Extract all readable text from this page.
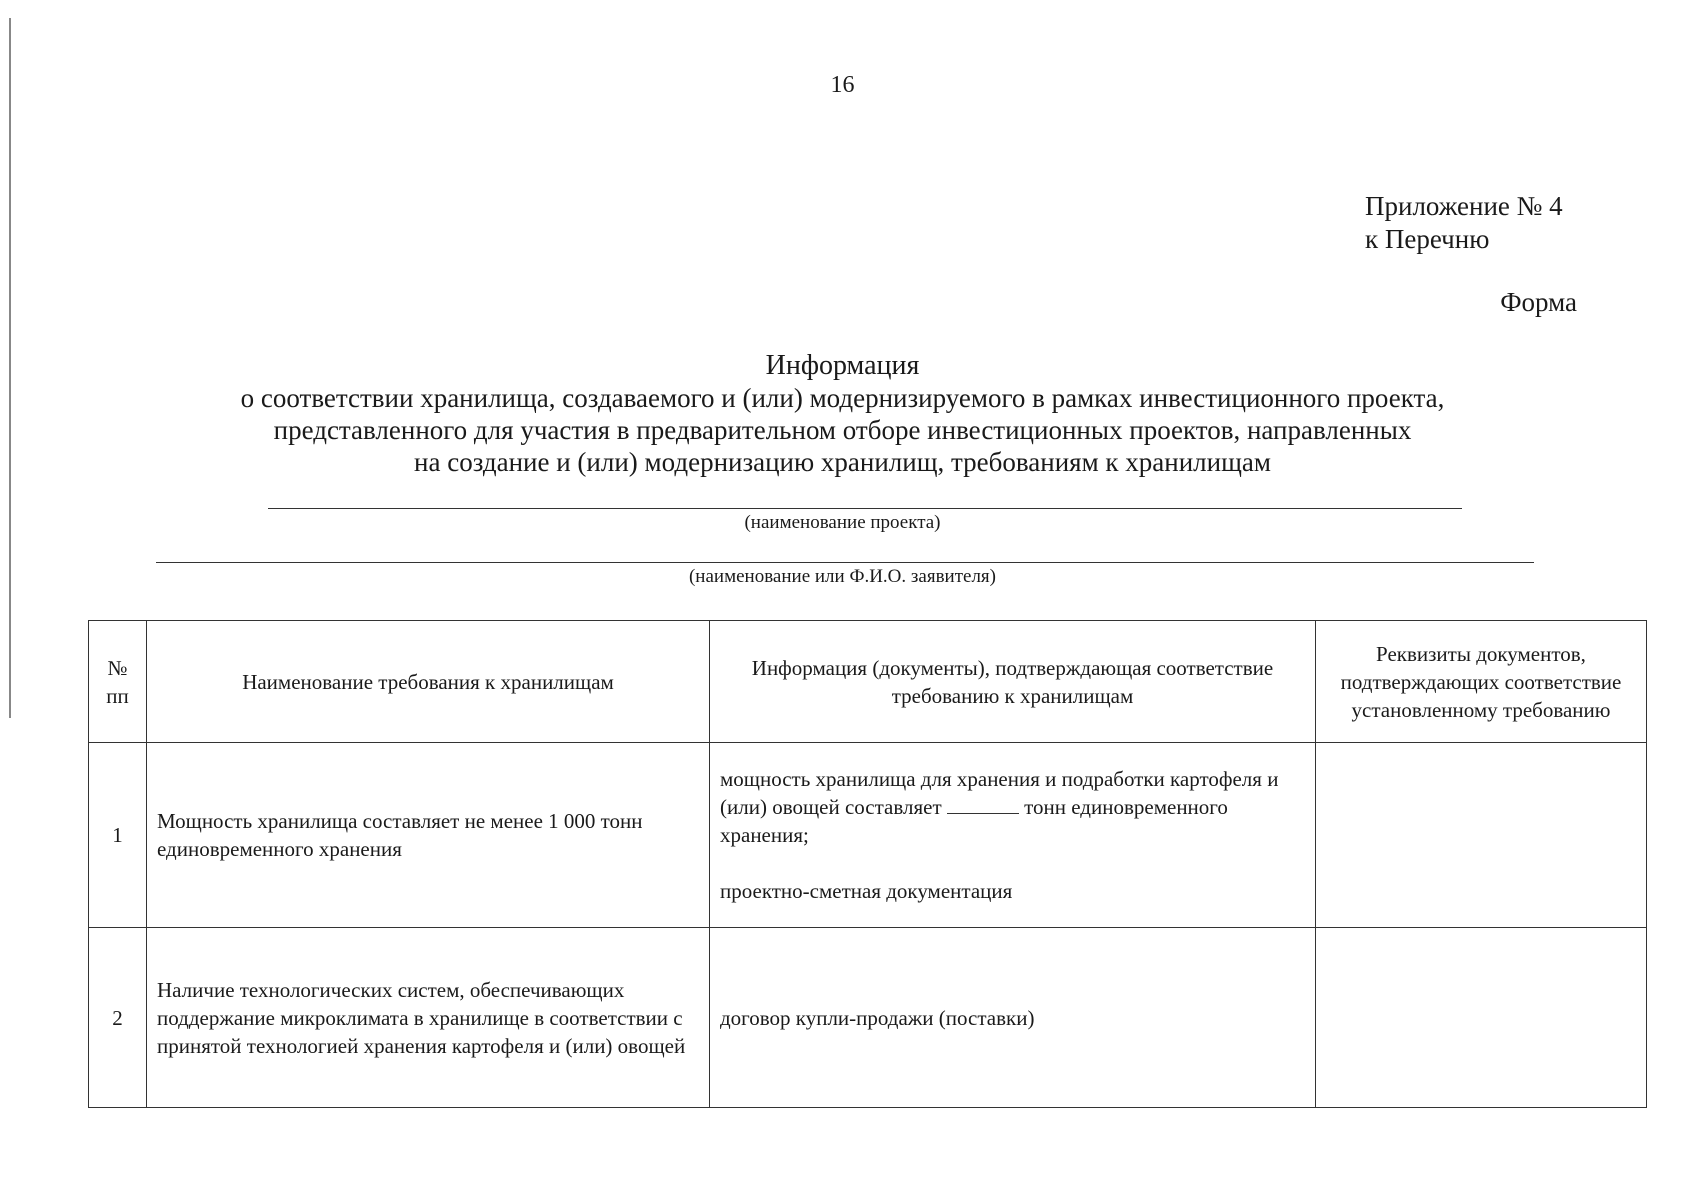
16
Приложение № 4
к Перечню
Форма
Информация
о соответствии хранилища, создаваемого и (или) модернизируемого в рамках инвестиционного проекта,
представленного для участия в предварительном отборе инвестиционных проектов, направленных
на создание и (или) модернизацию хранилищ, требованиям к хранилищам
(наименование проекта)
(наименование или Ф.И.О. заявителя)
№ пп	Наименование требования к хранилищам	Информация (документы), подтверждающая соответствие требованию к хранилищам	Реквизиты документов, подтверждающих соответствие установленному требованию
1	Мощность хранилища составляет не менее 1 000 тонн единовременного хранения	мощность хранилища для хранения и подработки картофеля и (или) овощей составляет тонн единовременного хранения;
проектно-сметная документация	
2	Наличие технологических систем, обеспечивающих поддержание микроклимата в хранилище в соответствии с принятой технологией хранения картофеля и (или) овощей	договор купли-продажи (поставки)	
